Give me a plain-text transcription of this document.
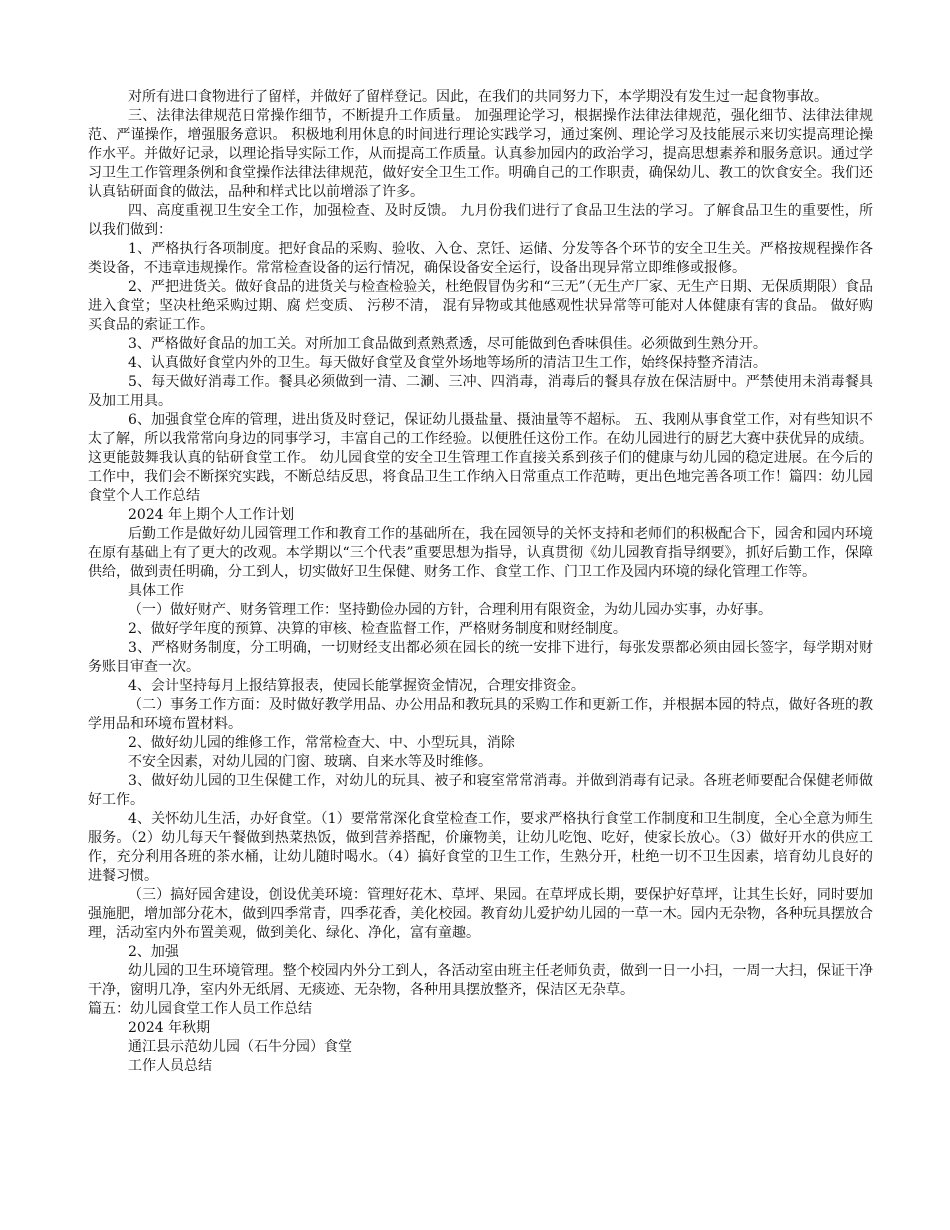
对所有进口食物进行了留样，并做好了留样登记。因此，在我们的共同努力下，本学期没有发生过一起食物事故。

三、法律法律规范日常操作细节，不断提升工作质量。 加强理论学习，根据操作法律法律规范，强化细节、法律法律规范、严谨操作，增强服务意识。 积极地利用休息的时间进行理论实践学习，通过案例、理论学习及技能展示来切实提高理论操作水平。并做好记录，以理论指导实际工作，从而提高工作质量。认真参加园内的政治学习，提高思想素养和服务意识。通过学习卫生工作管理条例和食堂操作法律法律规范，做好安全卫生工作。明确自己的工作职责，确保幼儿、教工的饮食安全。我们还认真钻研面食的做法，品种和样式比以前增添了许多。

四、高度重视卫生安全工作，加强检查、及时反馈。 九月份我们进行了食品卫生法的学习。了解食品卫生的重要性，所以我们做到：

1、严格执行各项制度。把好食品的采购、验收、入仓、烹饪、运储、分发等各个环节的安全卫生关。严格按规程操作各类设备，不违章违规操作。常常检查设备的运行情况，确保设备安全运行，设备出现异常立即维修或报修。

2、严把进货关。做好食品的进货关与检查检验关，杜绝假冒伪劣和“三无”（无生产厂家、无生产日期、无保质期限）食品进入食堂；坚决杜绝采购过期、腐 烂变质、 污秽不清， 混有异物或其他感观性状异常等可能对人体健康有害的食品。 做好购买食品的索证工作。

3、严格做好食品的加工关。对所加工食品做到煮熟煮透，尽可能做到色香味俱佳。必须做到生熟分开。

4、认真做好食堂内外的卫生。每天做好食堂及食堂外场地等场所的清洁卫生工作，始终保持整齐清洁。

5、每天做好消毒工作。餐具必须做到一清、二涮、三冲、四消毒，消毒后的餐具存放在保洁厨中。严禁使用未消毒餐具及加工用具。

6、加强食堂仓库的管理，进出货及时登记，保证幼儿摄盐量、摄油量等不超标。 五、我刚从事食堂工作，对有些知识不太了解，所以我常常向身边的同事学习，丰富自己的工作经验。以便胜任这份工作。在幼儿园进行的厨艺大赛中获优异的成绩。这更能鼓舞我认真的钻研食堂工作。 幼儿园食堂的安全卫生管理工作直接关系到孩子们的健康与幼儿园的稳定进展。在今后的工作中，我们会不断探究实践，不断总结反思，将食品卫生工作纳入日常重点工作范畴，更出色地完善各项工作！篇四：幼儿园食堂个人工作总结

2024 年上期个人工作计划

后勤工作是做好幼儿园管理工作和教育工作的基础所在，我在园领导的关怀支持和老师们的积极配合下，园舍和园内环境在原有基础上有了更大的改观。本学期以“三个代表”重要思想为指导，认真贯彻《幼儿园教育指导纲要》，抓好后勤工作，保障供给，做到责任明确，分工到人，切实做好卫生保健、财务工作、食堂工作、门卫工作及园内环境的绿化管理工作等。

具体工作

（一）做好财产、财务管理工作：坚持勤俭办园的方针，合理利用有限资金，为幼儿园办实事，办好事。

2、做好学年度的预算、决算的审核、检查监督工作，严格财务制度和财经制度。

3、严格财务制度，分工明确，一切财经支出都必须在园长的统一安排下进行，每张发票都必须由园长签字，每学期对财务账目审查一次。

4、会计坚持每月上报结算报表，使园长能掌握资金情况，合理安排资金。

（二）事务工作方面：及时做好教学用品、办公用品和教玩具的采购工作和更新工作，并根据本园的特点，做好各班的教学用品和环境布置材料。

2、做好幼儿园的维修工作，常常检查大、中、小型玩具，消除

不安全因素，对幼儿园的门窗、玻璃、自来水等及时维修。

3、做好幼儿园的卫生保健工作，对幼儿的玩具、被子和寝室常常消毒。并做到消毒有记录。各班老师要配合保健老师做好工作。

4、关怀幼儿生活，办好食堂。（1）要常常深化食堂检查工作，要求严格执行食堂工作制度和卫生制度，全心全意为师生服务。（2）幼儿每天午餐做到热菜热饭，做到营养搭配，价廉物美，让幼儿吃饱、吃好，使家长放心。（3）做好开水的供应工作，充分利用各班的茶水桶，让幼儿随时喝水。（4）搞好食堂的卫生工作，生熟分开，杜绝一切不卫生因素，培育幼儿良好的进餐习惯。

（三）搞好园舍建设，创设优美环境：管理好花木、草坪、果园。在草坪成长期，要保护好草坪，让其生长好，同时要加强施肥，增加部分花木，做到四季常青，四季花香，美化校园。教育幼儿爱护幼儿园的一草一木。园内无杂物，各种玩具摆放合理，活动室内外布置美观，做到美化、绿化、净化，富有童趣。

2、加强

幼儿园的卫生环境管理。整个校园内外分工到人，各活动室由班主任老师负责，做到一日一小扫，一周一大扫，保证干净干净，窗明几净，室内外无纸屑、无痰迹、无杂物，各种用具摆放整齐，保洁区无杂草。

篇五：幼儿园食堂工作人员工作总结

2024 年秋期

通江县示范幼儿园（石牛分园）食堂

工作人员总结
